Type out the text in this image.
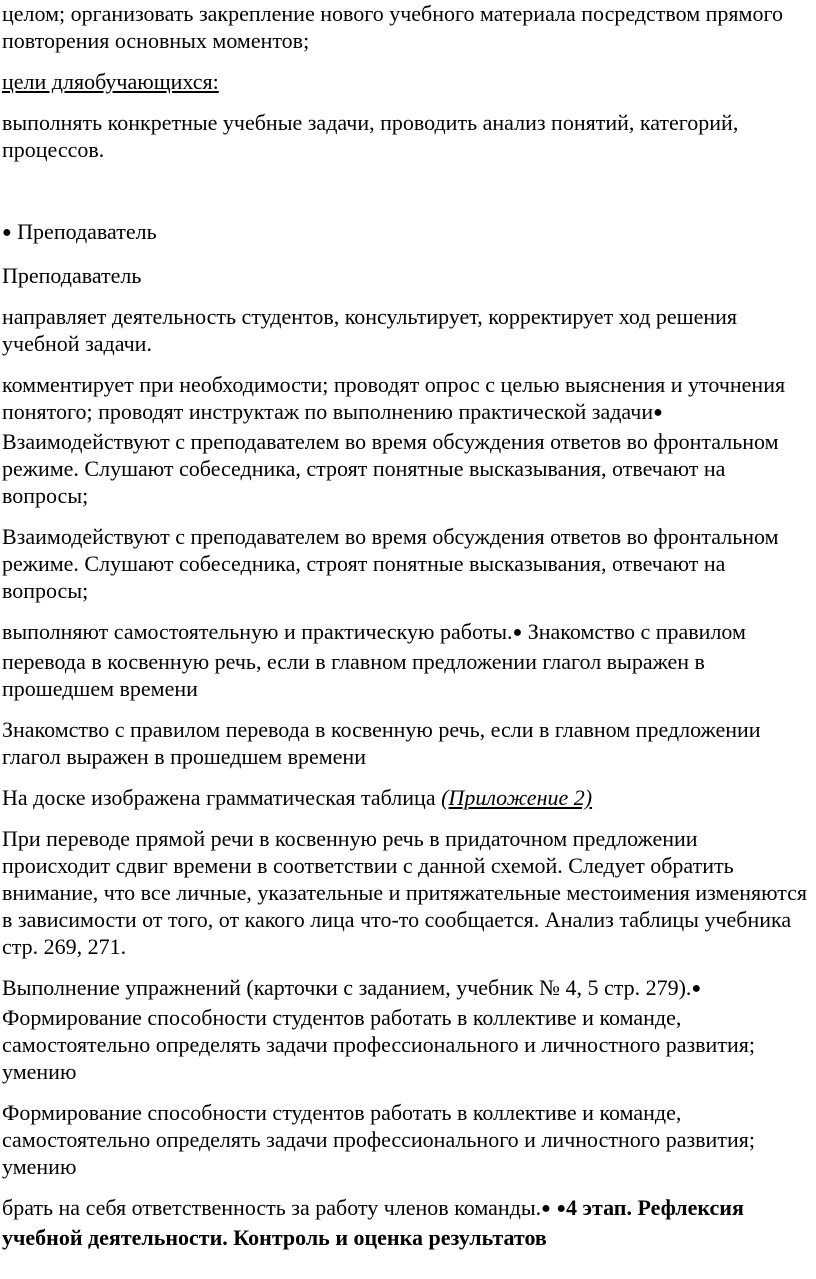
целом; организовать закрепление нового учебного материала посредством прямого повторения основных моментов;

цели дляобучающихся:

выполнять конкретные учебные задачи, проводить анализ понятий, категорий, процессов.

● Преподаватель

Преподаватель

направляет деятельность студентов, консультирует, корректирует ход решения учебной задачи.

комментирует при необходимости; проводят опрос с целью выяснения и уточнения понятого; проводят инструктаж по выполнению практической задачи● Взаимодействуют с преподавателем во время обсуждения ответов во фронтальном режиме. Слушают собеседника, строят понятные высказывания, отвечают на вопросы;

Взаимодействуют с преподавателем во время обсуждения ответов во фронтальном режиме. Слушают собеседника, строят понятные высказывания, отвечают на вопросы;

выполняют самостоятельную и практическую работы.● Знакомство с правилом перевода в косвенную речь, если в главном предложении глагол выражен в прошедшем времени

Знакомство с правилом перевода в косвенную речь, если в главном предложении глагол выражен в прошедшем времени

На доске изображена грамматическая таблица (Приложение 2)

При переводе прямой речи в косвенную речь в придаточном предложении происходит сдвиг времени в соответствии с данной схемой. Следует обратить внимание, что все личные, указательные и притяжательные местоимения изменяются в зависимости от того, от какого лица что-то сообщается. Анализ таблицы учебника стр. 269, 271.

Выполнение упражнений (карточки с заданием, учебник № 4, 5 стр. 279).● Формирование способности студентов работать в коллективе и команде, самостоятельно определять задачи профессионального и личностного развития; умению

Формирование способности студентов работать в коллективе и команде, самостоятельно определять задачи профессионального и личностного развития; умению

брать на себя ответственность за работу членов команды.● ●4 этап. Рефлексия учебной деятельности. Контроль и оценка результатов
